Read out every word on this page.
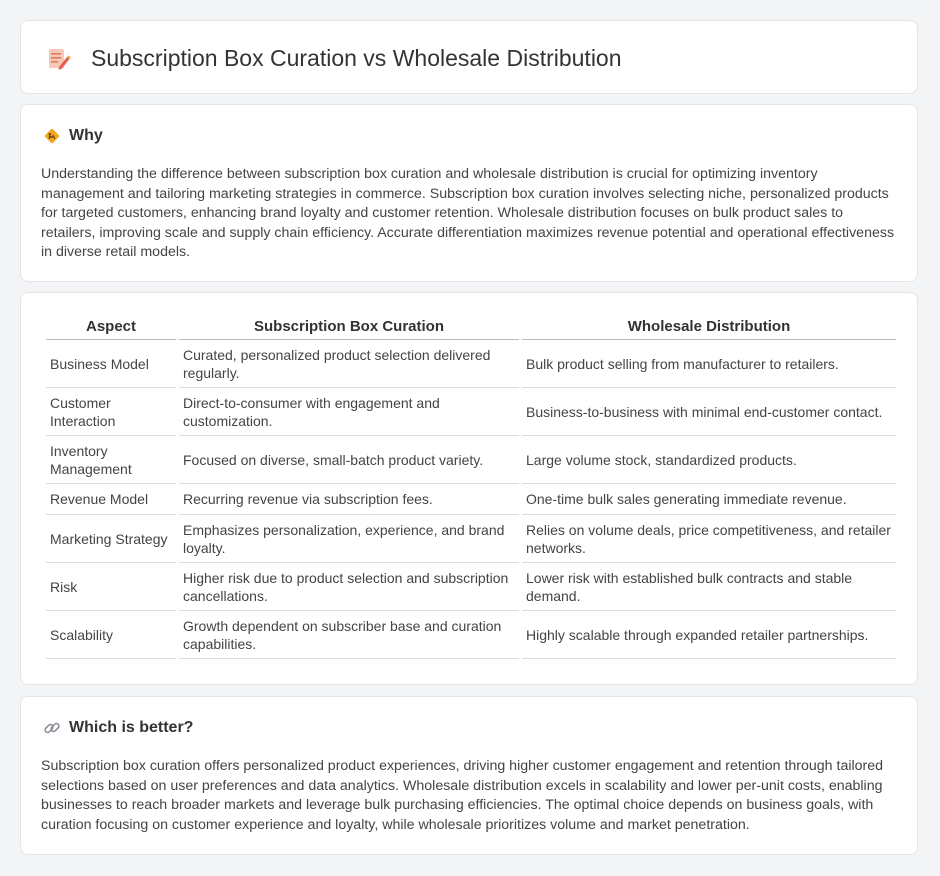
Subscription Box Curation vs Wholesale Distribution
Why

Understanding the difference between subscription box curation and wholesale distribution is crucial for optimizing inventory management and tailoring marketing strategies in commerce. Subscription box curation involves selecting niche, personalized products for targeted customers, enhancing brand loyalty and customer retention. Wholesale distribution focuses on bulk product sales to retailers, improving scale and supply chain efficiency. Accurate differentiation maximizes revenue potential and operational effectiveness in diverse retail models.

Aspect	Subscription Box Curation	Wholesale Distribution
Business Model	Curated, personalized product selection delivered regularly.	Bulk product selling from manufacturer to retailers.
Customer Interaction	Direct-to-consumer with engagement and customization.	Business-to-business with minimal end-customer contact.
Inventory Management	Focused on diverse, small-batch product variety.	Large volume stock, standardized products.
Revenue Model	Recurring revenue via subscription fees.	One-time bulk sales generating immediate revenue.
Marketing Strategy	Emphasizes personalization, experience, and brand loyalty.	Relies on volume deals, price competitiveness, and retailer networks.
Risk	Higher risk due to product selection and subscription cancellations.	Lower risk with established bulk contracts and stable demand.
Scalability	Growth dependent on subscriber base and curation capabilities.	Highly scalable through expanded retailer partnerships.
Which is better?

Subscription box curation offers personalized product experiences, driving higher customer engagement and retention through tailored selections based on user preferences and data analytics. Wholesale distribution excels in scalability and lower per-unit costs, enabling businesses to reach broader markets and leverage bulk purchasing efficiencies. The optimal choice depends on business goals, with curation focusing on customer experience and loyalty, while wholesale prioritizes volume and market penetration.
